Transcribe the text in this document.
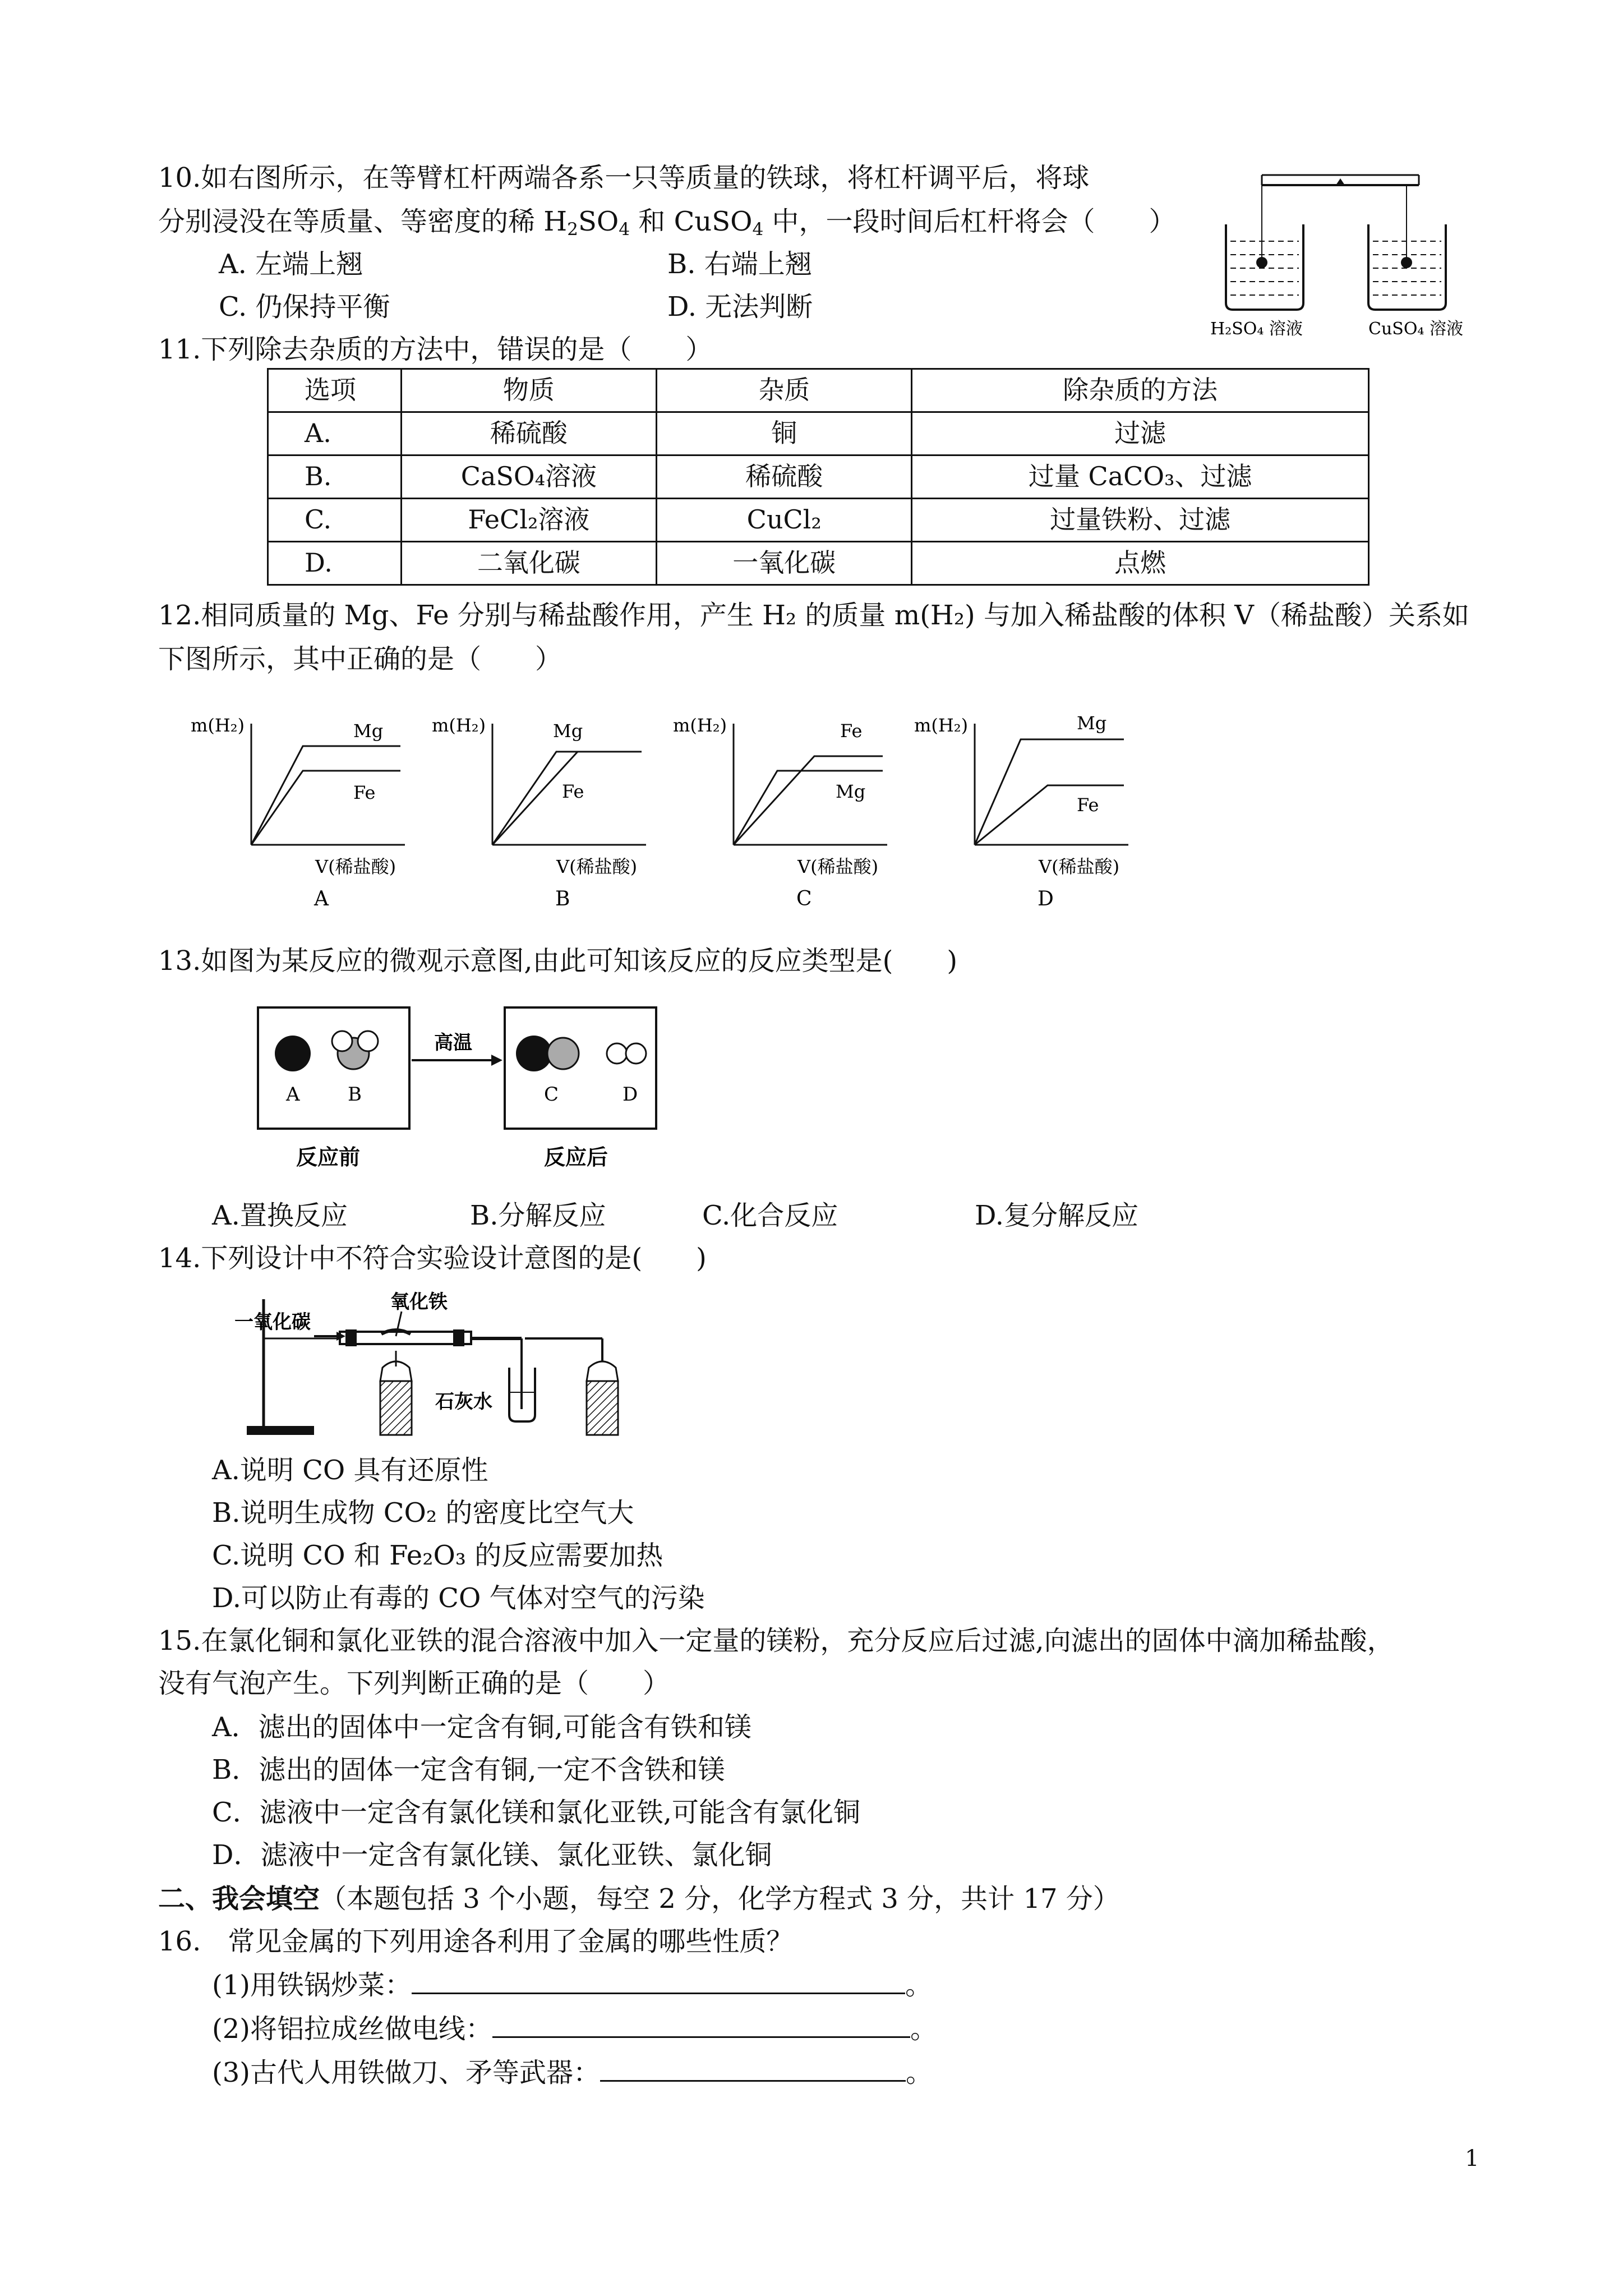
10.如右图所示，在等臂杠杆两端各系一只等质量的铁球，将杠杆调平后，将球
分别浸没在等质量、等密度的稀 $H_2SO_4$ 和 CuSO$_4$ 中，一段时间后杠杆将会（　　）
A. 左端上翘	B. 右端上翘
C. 仍保持平衡	D. 无法判断
H₂SO₄ 溶液	CuSO₄ 溶液
11.下列除去杂质的方法中，错误的是（　　）
选项	物质	杂质	除杂质的方法
A.	稀硫酸	铜	过滤
B.	CaSO₄溶液	稀硫酸	过量 CaCO₃、过滤
C.	FeCl₂溶液	CuCl₂	过量铁粉、过滤
D.	二氧化碳	一氧化碳	点燃
12.相同质量的 Mg、Fe 分别与稀盐酸作用，产生 H₂ 的质量 m(H₂) 与加入稀盐酸的体积 V（稀盐酸）关系如
下图所示，其中正确的是（　　）
m(H₂)	Mg
Fe
V(稀盐酸)
A
m(H₂)	Mg
Fe
V(稀盐酸)
B
m(H₂)	Fe
Mg
V(稀盐酸)
C
m(H₂)	Mg
Fe
V(稀盐酸)
D
13.如图为某反应的微观示意图,由此可知该反应的反应类型是(　　)
A	B
高温
C	D
反应前	反应后
A.置换反应	B.分解反应	C.化合反应	D.复分解反应
14.下列设计中不符合实验设计意图的是(　　)
一氧化碳
氧化铁
石灰水
A.说明 CO 具有还原性
B.说明生成物 CO₂ 的密度比空气大
C.说明 CO 和 Fe₂O₃ 的反应需要加热
D.可以防止有毒的 CO 气体对空气的污染
15.在氯化铜和氯化亚铁的混合溶液中加入一定量的镁粉，充分反应后过滤,向滤出的固体中滴加稀盐酸，
没有气泡产生。下列判断正确的是（　　）
A．滤出的固体中一定含有铜,可能含有铁和镁
B．滤出的固体一定含有铜,一定不含铁和镁
C．滤液中一定含有氯化镁和氯化亚铁,可能含有氯化铜
D．滤液中一定含有氯化镁、氯化亚铁、氯化铜
二、我会填空（本题包括 3 个小题，每空 2 分，化学方程式 3 分，共计 17 分）
16.　常见金属的下列用途各利用了金属的哪些性质？
(1)用铁锅炒菜：	。
(2)将铝拉成丝做电线：	。
(3)古代人用铁做刀、矛等武器：	。
1
